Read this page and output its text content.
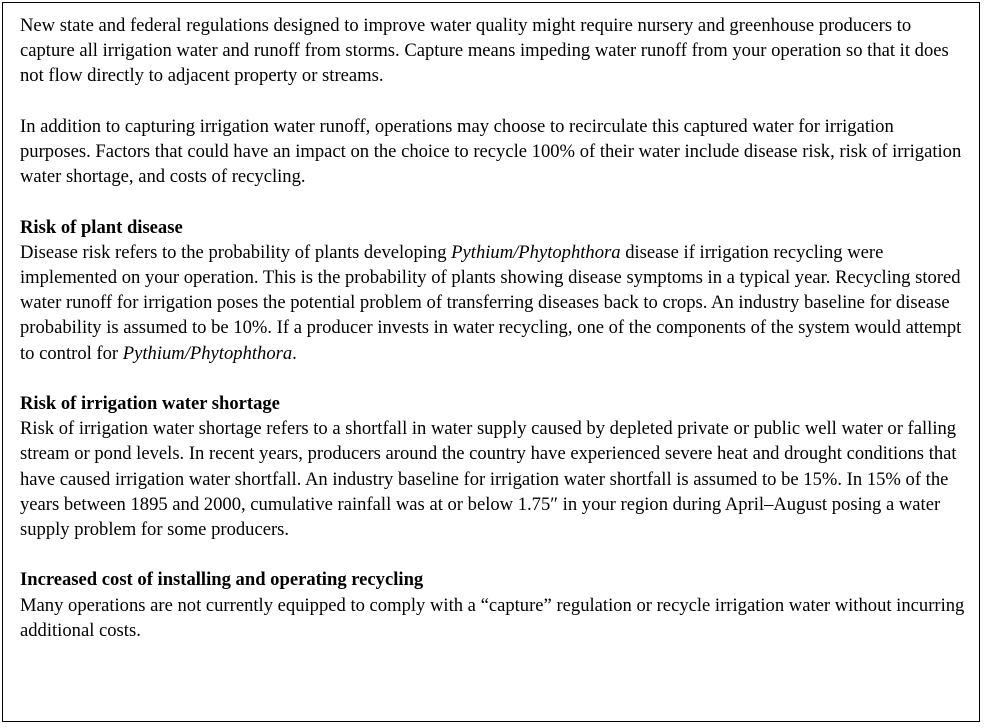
New state and federal regulations designed to improve water quality might require nursery and greenhouse producers to capture all irrigation water and runoff from storms. Capture means impeding water runoff from your operation so that it does not flow directly to adjacent property or streams.

In addition to capturing irrigation water runoff, operations may choose to recirculate this captured water for irrigation purposes. Factors that could have an impact on the choice to recycle 100% of their water include disease risk, risk of irrigation water shortage, and costs of recycling.

Risk of plant disease
Disease risk refers to the probability of plants developing Pythium/Phytophthora disease if irrigation recycling were implemented on your operation. This is the probability of plants showing disease symptoms in a typical year. Recycling stored water runoff for irrigation poses the potential problem of transferring diseases back to crops. An industry baseline for disease probability is assumed to be 10%. If a producer invests in water recycling, one of the components of the system would attempt to control for Pythium/Phytophthora.

Risk of irrigation water shortage
Risk of irrigation water shortage refers to a shortfall in water supply caused by depleted private or public well water or falling stream or pond levels. In recent years, producers around the country have experienced severe heat and drought conditions that have caused irrigation water shortfall. An industry baseline for irrigation water shortfall is assumed to be 15%. In 15% of the years between 1895 and 2000, cumulative rainfall was at or below 1.75″ in your region during April–August posing a water supply problem for some producers.

Increased cost of installing and operating recycling
Many operations are not currently equipped to comply with a “capture” regulation or recycle irrigation water without incurring additional costs.
